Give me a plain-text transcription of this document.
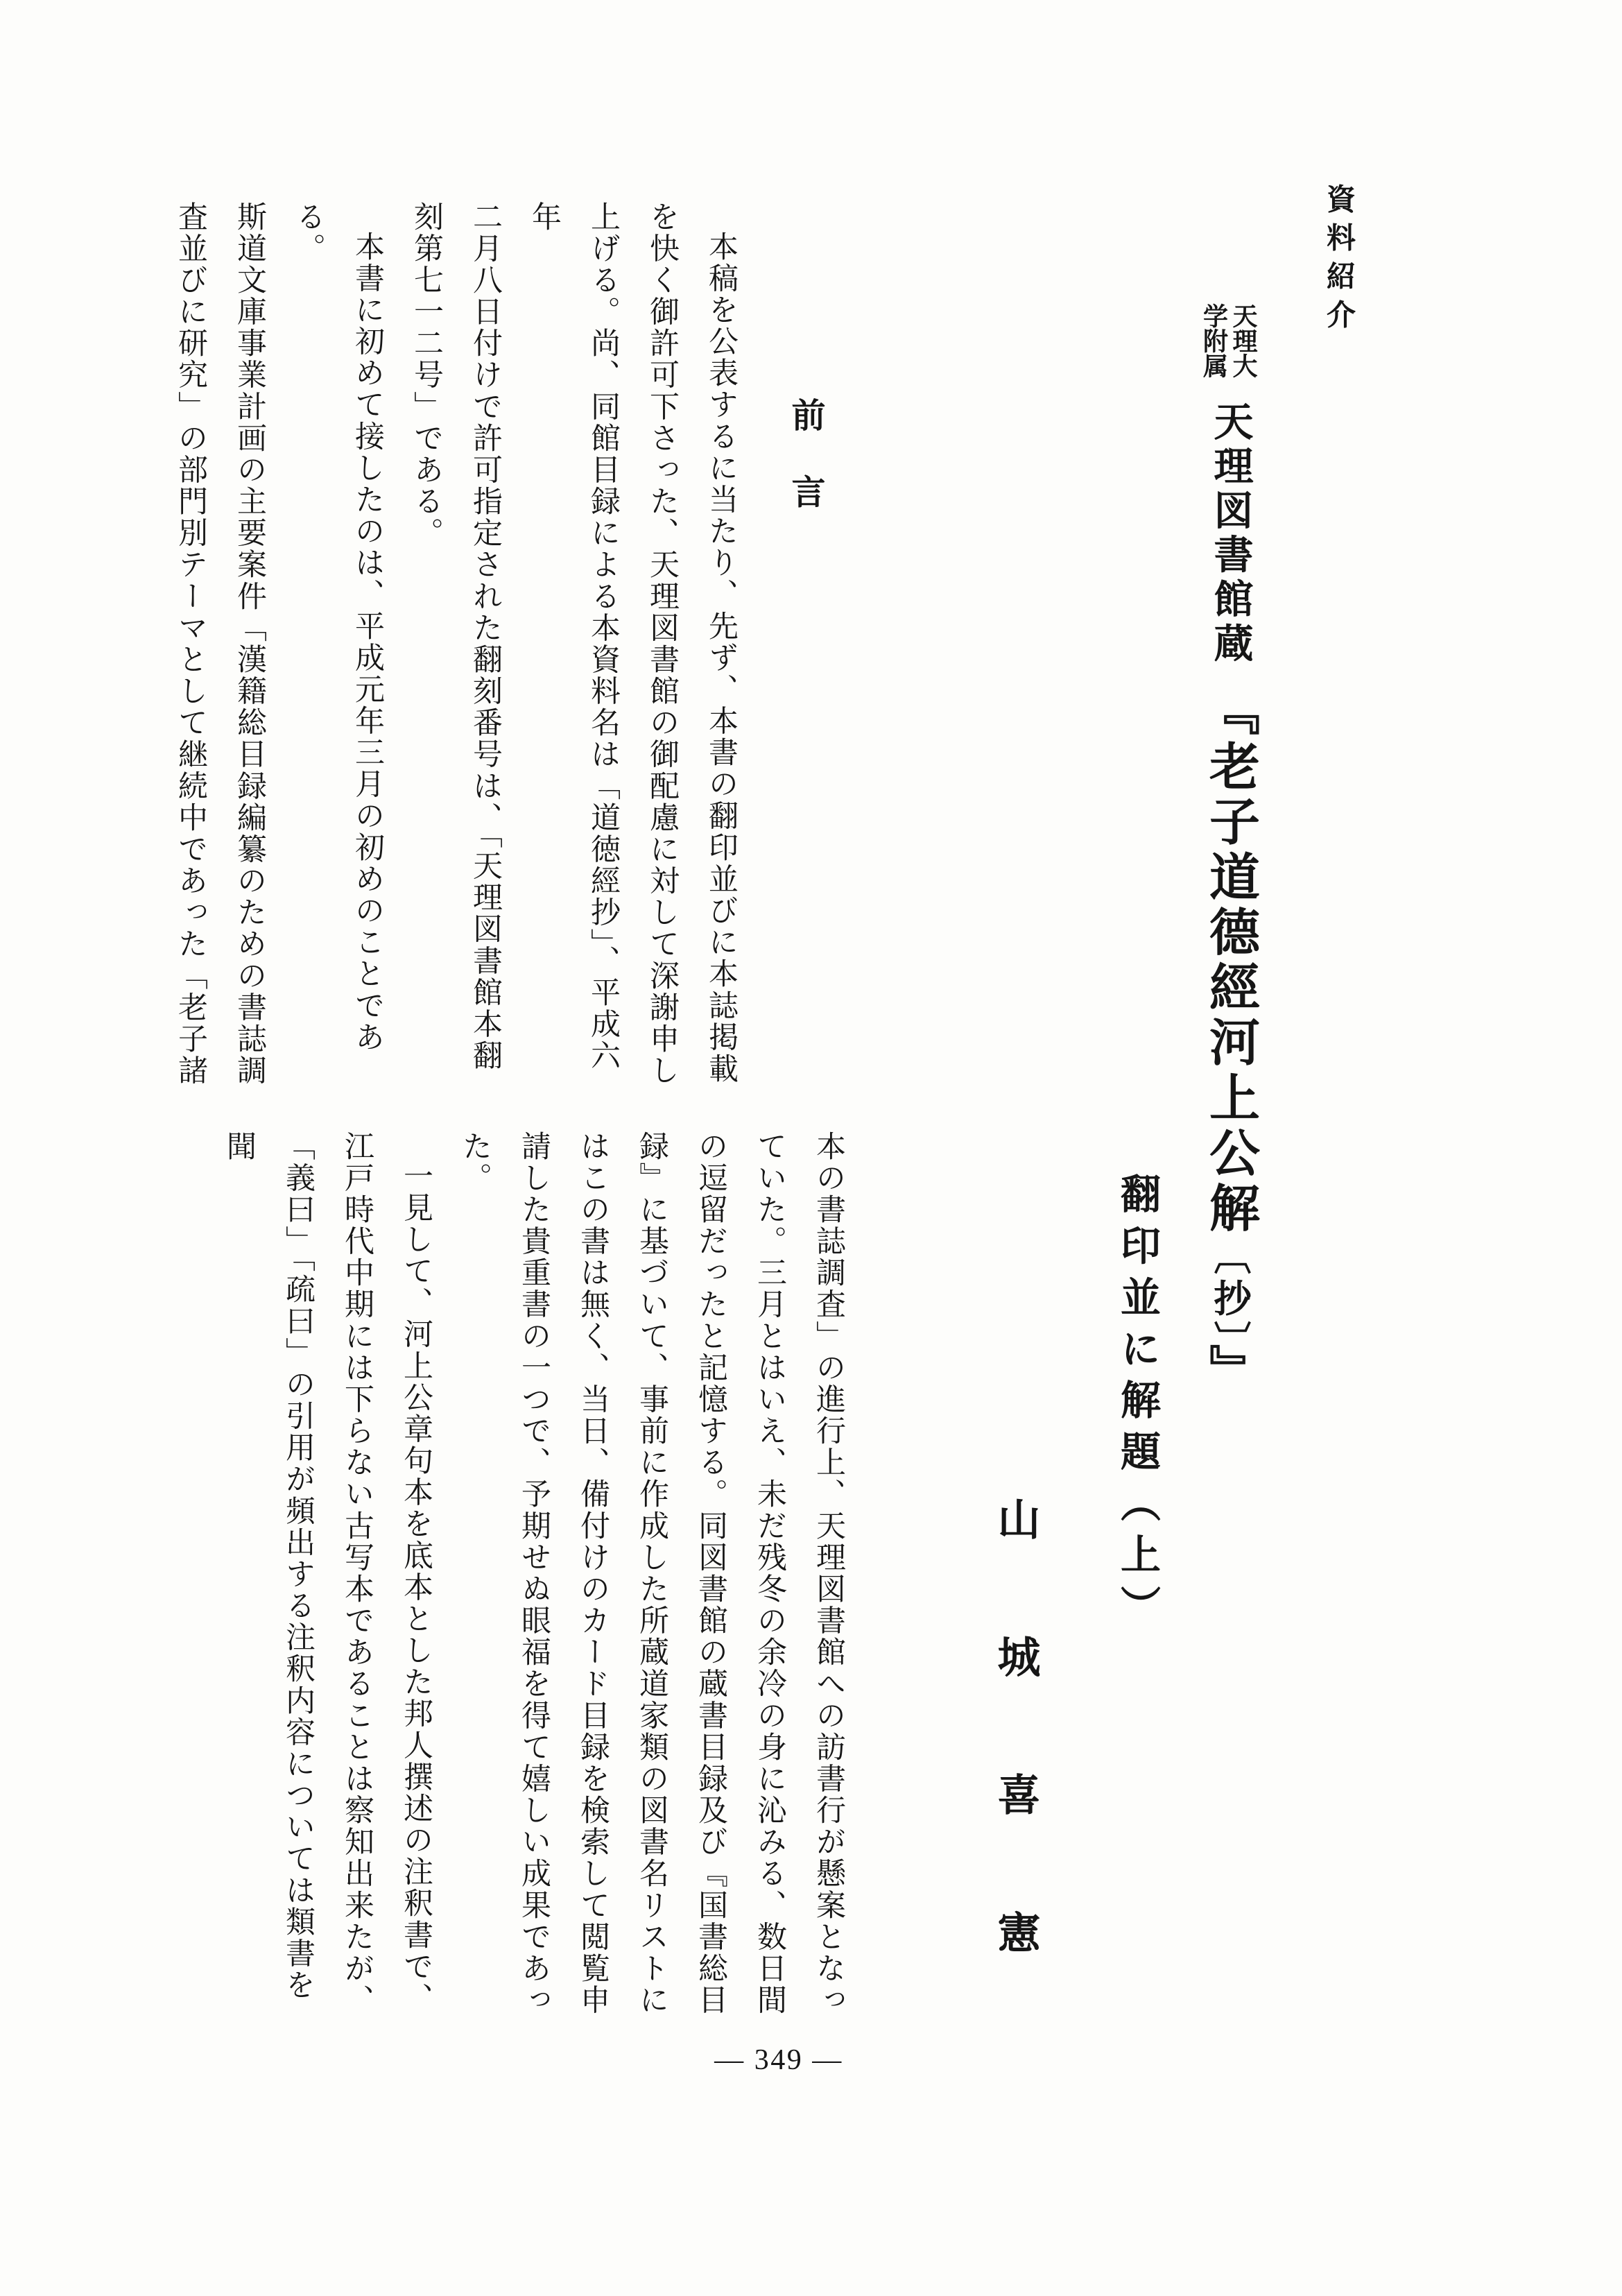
資料紹介
天理大
学附属
天理図書館蔵『老子道德經河上公解〔抄〕』
翻印並に解題（上）
山城喜憲
前言
本稿を公表するに当たり、先ず、本書の翻印並びに本誌掲載
を快く御許可下さった、天理図書館の御配慮に対して深謝申し
上げる。尚、同館目録による本資料名は「道徳經抄」、平成六年
二月八日付けで許可指定された翻刻番号は、「天理図書館本翻
刻第七一二号」である。
本書に初めて接したのは、平成元年三月の初めのことである。
斯道文庫事業計画の主要案件「漢籍総目録編纂のための書誌調
査並びに研究」の部門別テーマとして継続中であった「老子諸
本の書誌調査」の進行上、天理図書館への訪書行が懸案となっ
ていた。三月とはいえ、未だ残冬の余冷の身に沁みる、数日間
の逗留だったと記憶する。同図書館の蔵書目録及び『国書総目
録』に基づいて、事前に作成した所蔵道家類の図書名リストに
はこの書は無く、当日、備付けのカード目録を検索して閲覧申
請した貴重書の一つで、予期せぬ眼福を得て嬉しい成果であっ
た。
一見して、河上公章句本を底本とした邦人撰述の注釈書で、
江戸時代中期には下らない古写本であることは察知出来たが、
「義曰」「疏曰」の引用が頻出する注釈内容については類書を聞
— 349 —
